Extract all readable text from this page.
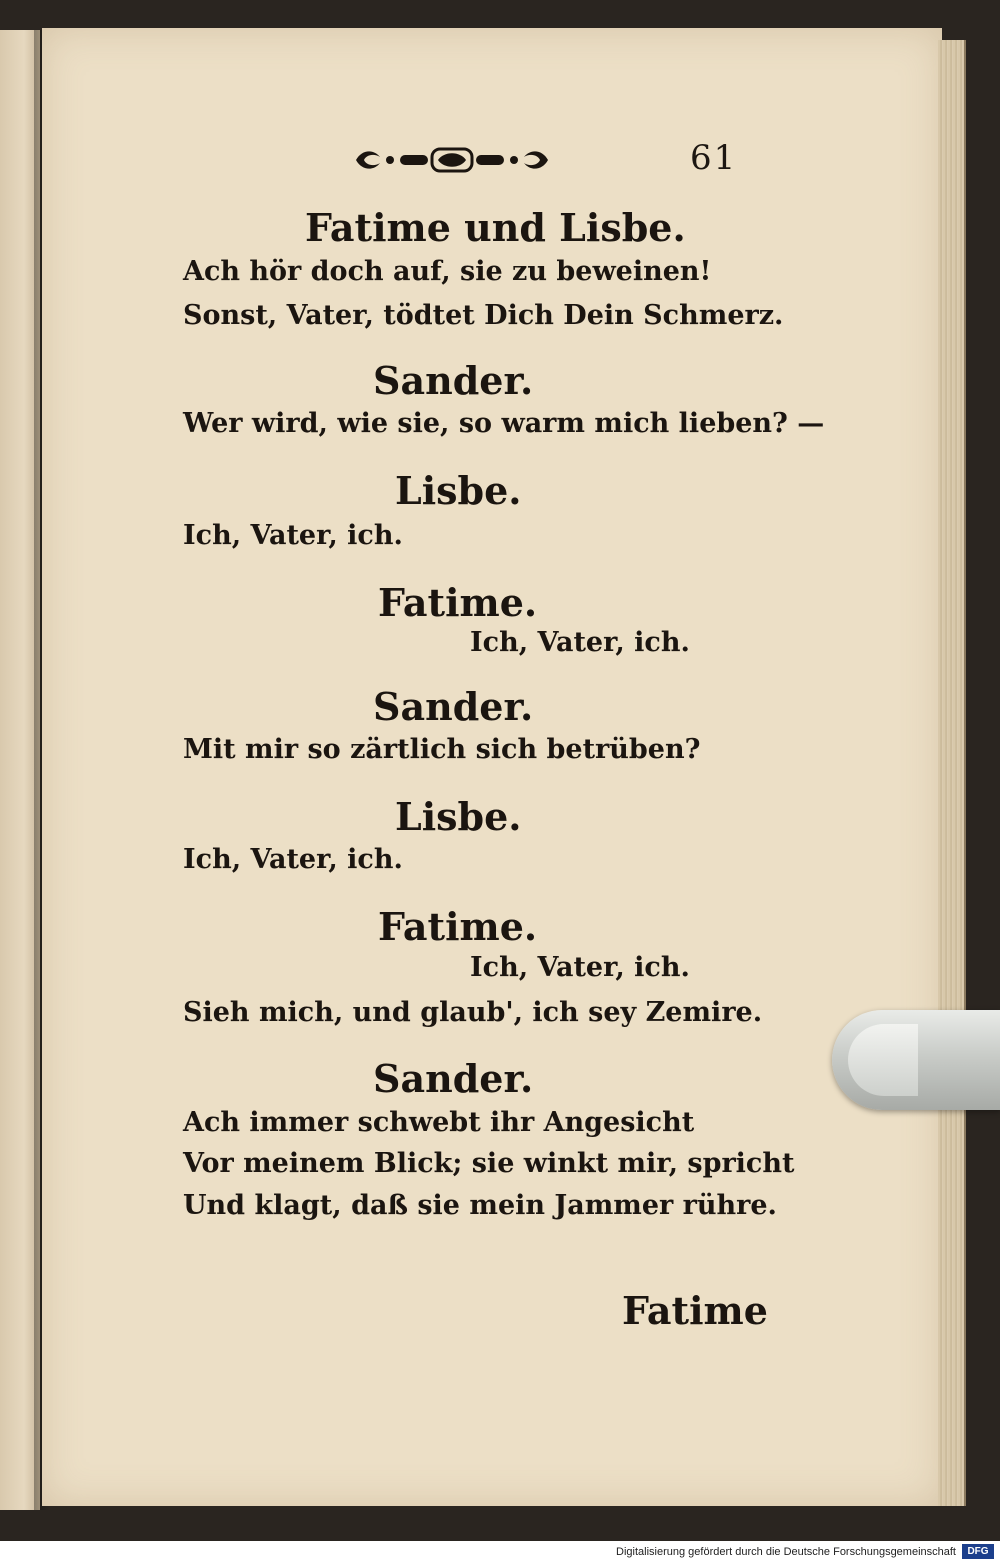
61
Fatime und Lisbe.
Ach hör doch auf, sie zu beweinen!
Sonst, Vater, tödtet Dich Dein Schmerz.
Sander.
Wer wird, wie sie, so warm mich lieben? —
Lisbe.
Ich, Vater, ich.
Fatime.
Ich, Vater, ich.
Sander.
Mit mir so zärtlich sich betrüben?
Lisbe.
Ich, Vater, ich.
Fatime.
Ich, Vater, ich.
Sieh mich, und glaub', ich sey Zemire.
Sander.
Ach immer schwebt ihr Angesicht
Vor meinem Blick; sie winkt mir, spricht
Und klagt, daß sie mein Jammer rühre.
Fatime
Digitalisierung gefördert durch die Deutsche Forschungsgemeinschaft	DFG
